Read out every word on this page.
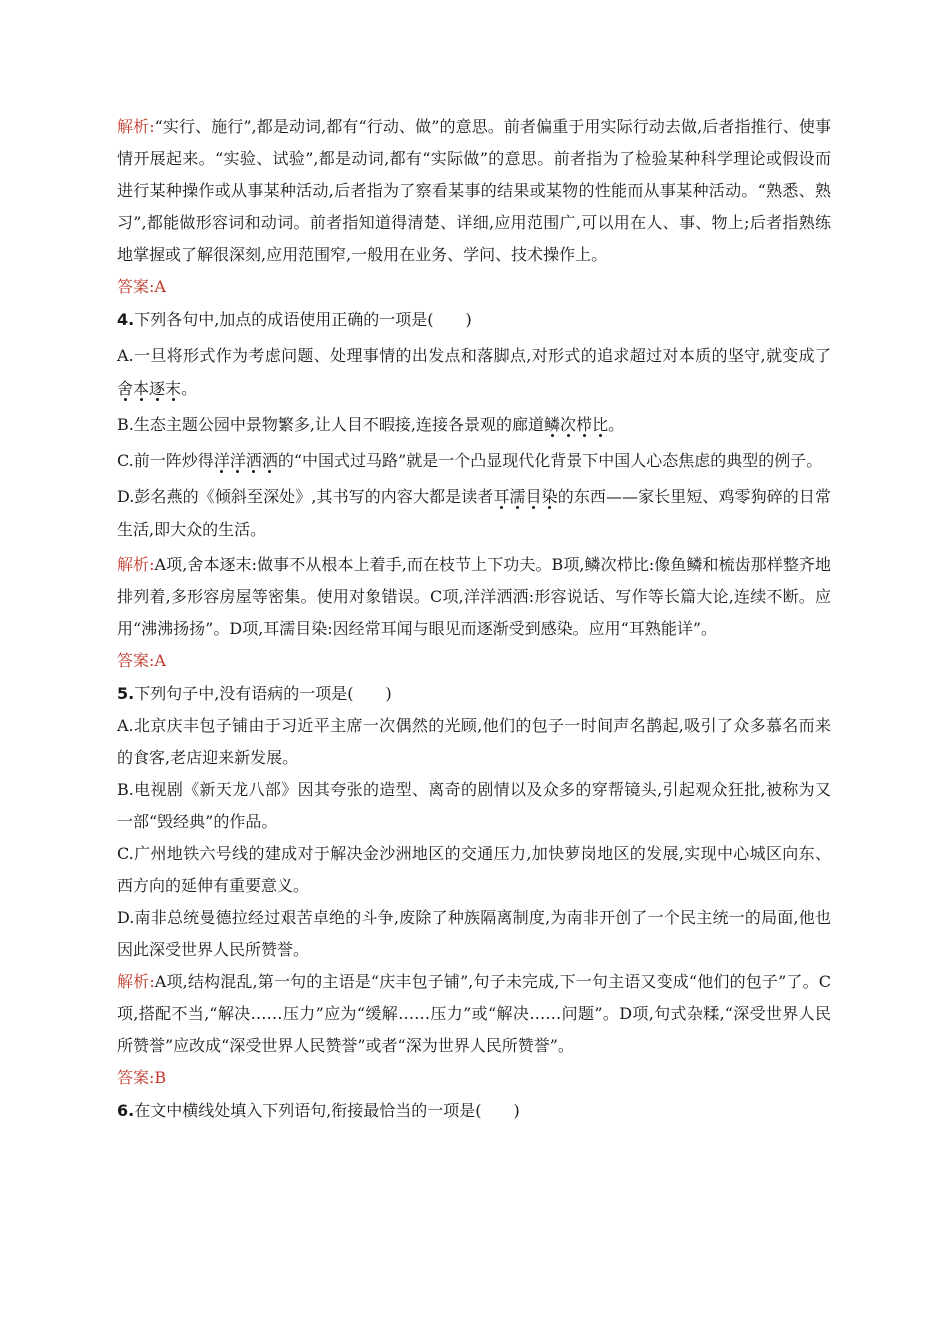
解析:“实行、施行”,都是动词,都有“行动、做”的意思。前者偏重于用实际行动去做,后者指推行、使事情开展起来。“实验、试验”,都是动词,都有“实际做”的意思。前者指为了检验某种科学理论或假设而进行某种操作或从事某种活动,后者指为了察看某事的结果或某物的性能而从事某种活动。“熟悉、熟习”,都能做形容词和动词。前者指知道得清楚、详细,应用范围广,可以用在人、事、物上;后者指熟练地掌握或了解很深刻,应用范围窄,一般用在业务、学问、技术操作上。

答案:A
4.下列各句中,加点的成语使用正确的一项是(　　)
A.一旦将形式作为考虑问题、处理事情的出发点和落脚点,对形式的追求超过对本质的坚守,就变成了舍本逐末。
B.生态主题公园中景物繁多,让人目不暇接,连接各景观的廊道鳞次栉比。
C.前一阵炒得洋洋洒洒的“中国式过马路”就是一个凸显现代化背景下中国人心态焦虑的典型的例子。
D.彭名燕的《倾斜至深处》,其书写的内容大都是读者耳濡目染的东西——家长里短、鸡零狗碎的日常生活,即大众的生活。
解析:A项,舍本逐末:做事不从根本上着手,而在枝节上下功夫。B项,鳞次栉比:像鱼鳞和梳齿那样整齐地排列着,多形容房屋等密集。使用对象错误。C项,洋洋洒洒:形容说话、写作等长篇大论,连续不断。应用“沸沸扬扬”。D项,耳濡目染:因经常耳闻与眼见而逐渐受到感染。应用“耳熟能详”。
答案:A
5.下列句子中,没有语病的一项是(　　)
A.北京庆丰包子铺由于习近平主席一次偶然的光顾,他们的包子一时间声名鹊起,吸引了众多慕名而来的食客,老店迎来新发展。
B.电视剧《新天龙八部》因其夸张的造型、离奇的剧情以及众多的穿帮镜头,引起观众狂批,被称为又一部“毁经典”的作品。
C.广州地铁六号线的建成对于解决金沙洲地区的交通压力,加快萝岗地区的发展,实现中心城区向东、西方向的延伸有重要意义。
D.南非总统曼德拉经过艰苦卓绝的斗争,废除了种族隔离制度,为南非开创了一个民主统一的局面,他也因此深受世界人民所赞誉。
解析:A项,结构混乱,第一句的主语是“庆丰包子铺”,句子未完成,下一句主语又变成“他们的包子”了。C项,搭配不当,“解决……压力”应为“缓解……压力”或“解决……问题”。D项,句式杂糅,“深受世界人民所赞誉”应改成“深受世界人民赞誉”或者“深为世界人民所赞誉”。
答案:B
6.在文中横线处填入下列语句,衔接最恰当的一项是(　　)
